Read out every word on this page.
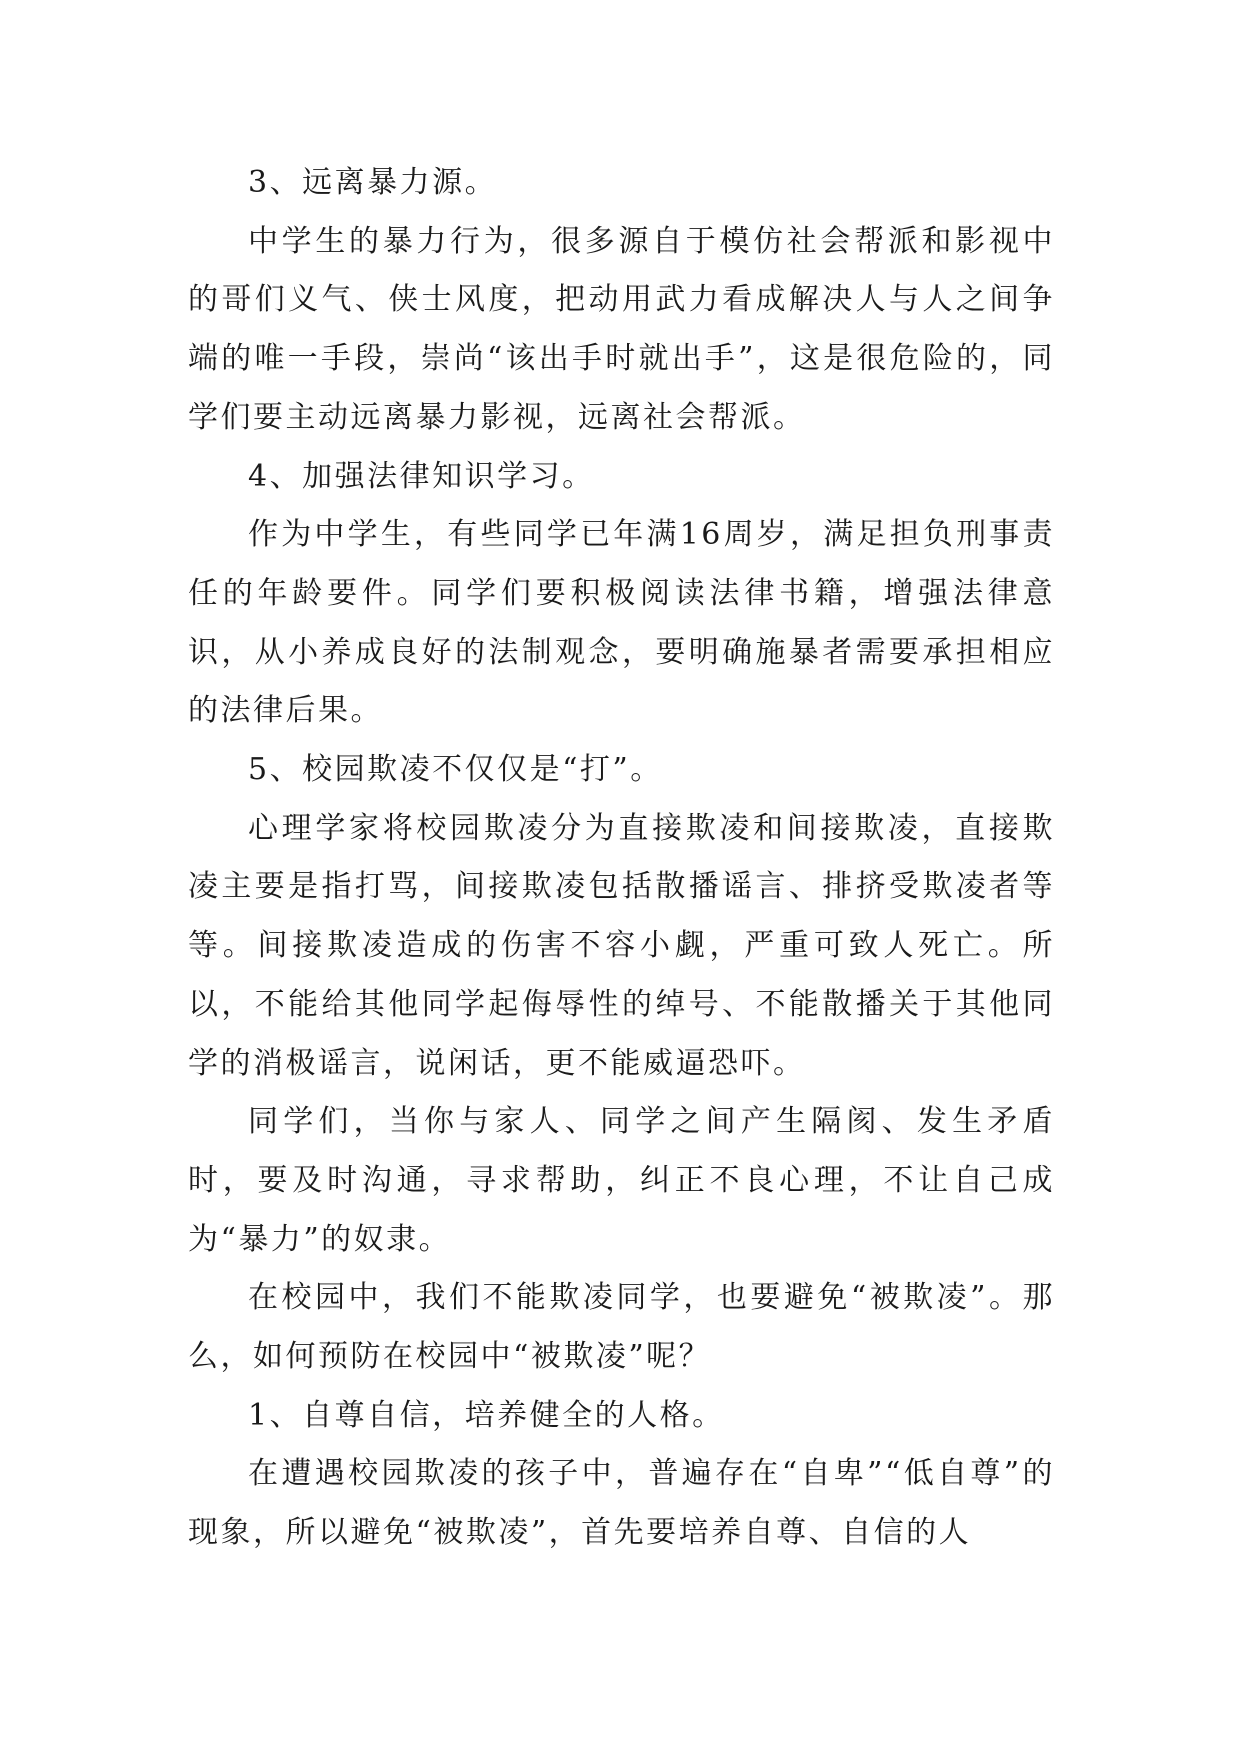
3、远离暴力源。

中学生的暴力行为，很多源自于模仿社会帮派和影视中的哥们义气、侠士风度，把动用武力看成解决人与人之间争端的唯一手段，崇尚“该出手时就出手”，这是很危险的，同学们要主动远离暴力影视，远离社会帮派。

4、加强法律知识学习。

作为中学生，有些同学已年满16周岁，满足担负刑事责任的年龄要件。同学们要积极阅读法律书籍，增强法律意识，从小养成良好的法制观念，要明确施暴者需要承担相应的法律后果。

5、校园欺凌不仅仅是“打”。

心理学家将校园欺凌分为直接欺凌和间接欺凌，直接欺凌主要是指打骂，间接欺凌包括散播谣言、排挤受欺凌者等等。间接欺凌造成的伤害不容小觑，严重可致人死亡。所以，不能给其他同学起侮辱性的绰号、不能散播关于其他同学的消极谣言，说闲话，更不能威逼恐吓。

同学们，当你与家人、同学之间产生隔阂、发生矛盾时，要及时沟通，寻求帮助，纠正不良心理，不让自己成为“暴力”的奴隶。

在校园中，我们不能欺凌同学，也要避免“被欺凌”。那么，如何预防在校园中“被欺凌”呢？

1、自尊自信，培养健全的人格。

在遭遇校园欺凌的孩子中，普遍存在“自卑”“低自尊”的现象，所以避免“被欺凌”，首先要培养自尊、自信的人
